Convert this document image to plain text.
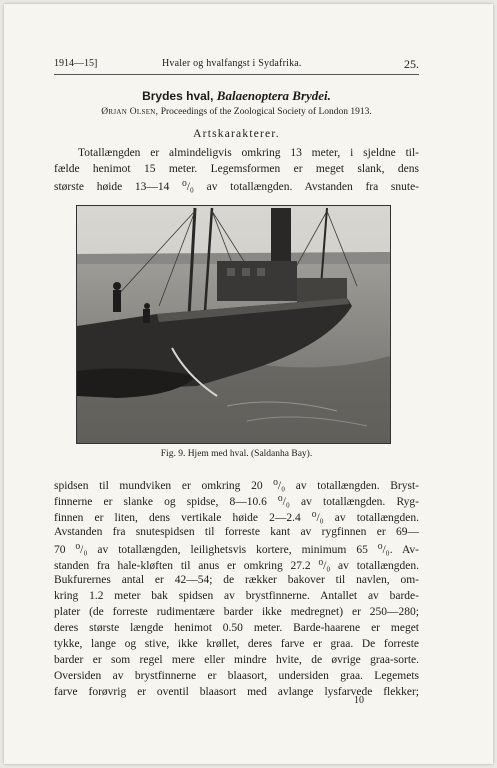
1914—15]	Hvaler og hvalfangst i Sydafrika.	25.
Brydes hval, Balaenoptera Brydei.
Ørjan Olsen, Proceedings of the Zoological Society of London 1913.
Artskarakterer.
Totallængden er almindeligvis omkring 13 meter, i sjeldne til-
fælde henimot 15 meter. Legemsformen er meget slank, dens
største høide 13—14 ⁰/₀ av totallængden. Avstanden fra snute-
Fig. 9. Hjem med hval. (Saldanha Bay).
spidsen til mundviken er omkring 20 ⁰/₀ av totallængden. Bryst-
finnerne er slanke og spidse, 8—10.6 ⁰/₀ av totallængden. Ryg-
finnen er liten, dens vertikale høide 2—2.4 ⁰/₀ av totallængden.
Avstanden fra snutespidsen til forreste kant av rygfinnen er 69—
70 ⁰/₀ av totallængden, leilighetsvis kortere, minimum 65 ⁰/₀. Av-
standen fra hale-kløften til anus er omkring 27.2 ⁰/₀ av totallængden.
Bukfurernes antal er 42—54; de rækker bakover til navlen, om-
kring 1.2 meter bak spidsen av brystfinnerne. Antallet av barde-
plater (de forreste rudimentære barder ikke medregnet) er 250—280;
deres største længde henimot 0.50 meter. Barde-haarene er meget
tykke, lange og stive, ikke krøllet, deres farve er graa. De forreste
barder er som regel mere eller mindre hvite, de øvrige graa-sorte.
Oversiden av brystfinnerne er blaasort, undersiden graa. Legemets
farve forøvrig er oventil blaasort med avlange lysfarvede flekker;
10
